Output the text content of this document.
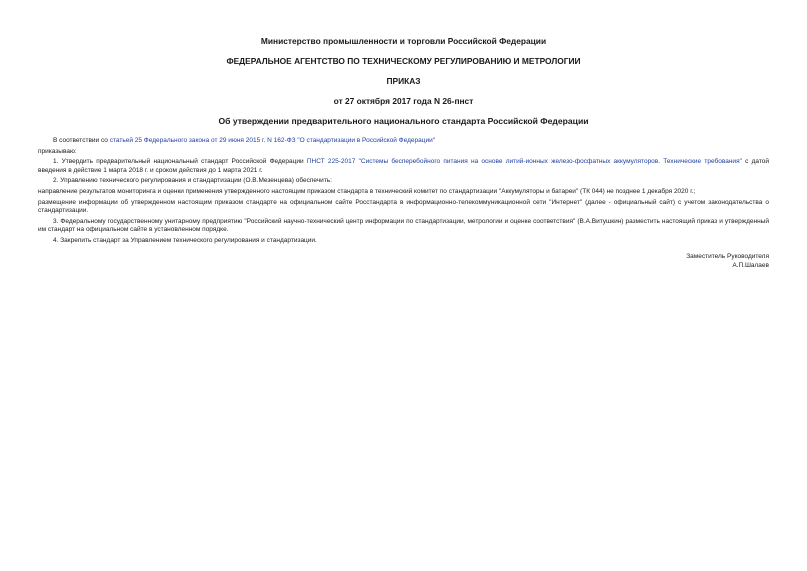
Министерство промышленности и торговли Российской Федерации

ФЕДЕРАЛЬНОЕ АГЕНТСТВО ПО ТЕХНИЧЕСКОМУ РЕГУЛИРОВАНИЮ И МЕТРОЛОГИИ

ПРИКАЗ

от 27 октября 2017 года N 26-пнст

Об утверждении предварительного национального стандарта Российской Федерации

В соответствии со статьей 25 Федерального закона от 29 июня 2015 г. N 162-ФЗ "О стандартизации в Российской Федерации"

приказываю:

1. Утвердить предварительный национальный стандарт Российской Федерации ПНСТ 225-2017 "Системы бесперебойного питания на основе литий-ионных железо-фосфатных аккумуляторов. Технические требования" с датой введения в действие 1 марта 2018 г. и сроком действия до 1 марта 2021 г.

2. Управлению технического регулирования и стандартизации (О.В.Мезенцева) обеспечить:

направление результатов мониторинга и оценки применения утвержденного настоящим приказом стандарта в технический комитет по стандартизации "Аккумуляторы и батареи" (ТК 044) не позднее 1 декабря 2020 г.;

размещение информации об утвержденном настоящим приказом стандарте на официальном сайте Росстандарта в информационно-телекоммуникационной сети "Интернет" (далее - официальный сайт) с учетом законодательства о стандартизации.

3. Федеральному государственному унитарному предприятию "Российский научно-технический центр информации по стандартизации, метрологии и оценке соответствия" (В.А.Витушкин) разместить настоящий приказ и утвержденный им стандарт на официальном сайте в установленном порядке.

4. Закрепить стандарт за Управлением технического регулирования и стандартизации.

Заместитель Руководителя
А.П.Шалаев
